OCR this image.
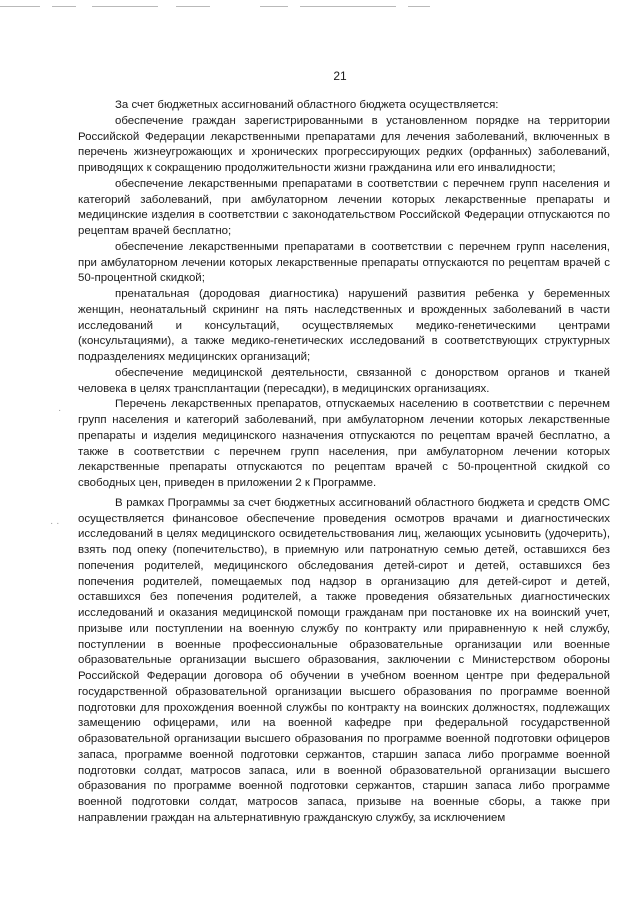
21
· ·
·

За счет бюджетных ассигнований областного бюджета осуществляется:

обеспечение граждан зарегистрированными в установленном порядке на территории Российской Федерации лекарственными препаратами для лечения заболеваний, включенных в перечень жизнеугрожающих и хронических прогрессирующих редких (орфанных) заболеваний, приводящих к сокращению продолжительности жизни гражданина или его инвалидности;

обеспечение лекарственными препаратами в соответствии с перечнем групп населения и категорий заболеваний, при амбулаторном лечении которых лекарственные препараты и медицинские изделия в соответствии с законодательством Российской Федерации отпускаются по рецептам врачей бесплатно;

обеспечение лекарственными препаратами в соответствии с перечнем групп населения, при амбулаторном лечении которых лекарственные препараты отпускаются по рецептам врачей с 50-процентной скидкой;

пренатальная (дородовая диагностика) нарушений развития ребенка у беременных женщин, неонатальный скрининг на пять наследственных и врожденных заболеваний в части исследований и консультаций, осуществляемых медико-генетическими центрами (консультациями), а также медико-генетических исследований в соответствующих структурных подразделениях медицинских организаций;

обеспечение медицинской деятельности, связанной с донорством органов и тканей человека в целях трансплантации (пересадки), в медицинских организациях.

Перечень лекарственных препаратов, отпускаемых населению в соответствии с перечнем групп населения и категорий заболеваний, при амбулаторном лечении которых лекарственные препараты и изделия медицинского назначения отпускаются по рецептам врачей бесплатно, а также в соответствии с перечнем групп населения, при амбулаторном лечении которых лекарственные препараты отпускаются по рецептам врачей с 50-процентной скидкой со свободных цен, приведен в приложении 2 к Программе.

В рамках Программы за счет бюджетных ассигнований областного бюджета и средств ОМС осуществляется финансовое обеспечение проведения осмотров врачами и диагностических исследований в целях медицинского освидетельствования лиц, желающих усыновить (удочерить), взять под опеку (попечительство), в приемную или патронатную семью детей, оставшихся без попечения родителей, медицинского обследования детей-сирот и детей, оставшихся без попечения родителей, помещаемых под надзор в организацию для детей-сирот и детей, оставшихся без попечения родителей, а также проведения обязательных диагностических исследований и оказания медицинской помощи гражданам при постановке их на воинский учет, призыве или поступлении на военную службу по контракту или приравненную к ней службу, поступлении в военные профессиональные образовательные организации или военные образовательные организации высшего образования, заключении с Министерством обороны Российской Федерации договора об обучении в учебном военном центре при федеральной государственной образовательной организации высшего образования по программе военной подготовки для прохождения военной службы по контракту на воинских должностях, подлежащих замещению офицерами, или на военной кафедре при федеральной государственной образовательной организации высшего образования по программе военной подготовки офицеров запаса, программе военной подготовки сержантов, старшин запаса либо программе военной подготовки солдат, матросов запаса, или в военной образовательной организации высшего образования по программе военной подготовки сержантов, старшин запаса либо программе военной подготовки солдат, матросов запаса, призыве на военные сборы, а также при направлении граждан на альтернативную гражданскую службу, за исключением
